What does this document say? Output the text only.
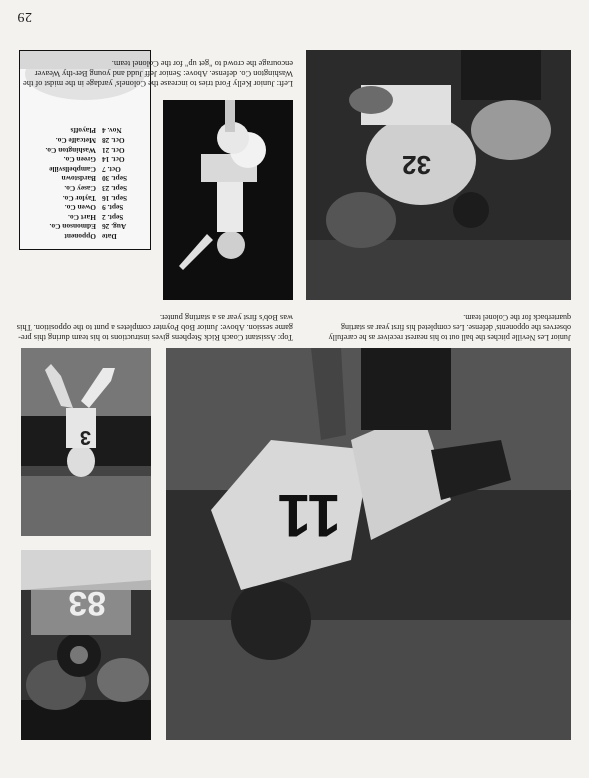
29
83
3

Top: Assistant Coach Rick Stephens gives instructions to his team during this pre-game session. Above: Junior Bob Poynter completes a punt to the opposition. This was Bob's first year as a starting punter.

11
Date
Opponent
Aug. 26
Edmonson Co.
Sept. 2
Hart Co.
Sept. 9
Owen Co.
Sept. 16
Taylor Co.
Sept. 23
Casey Co.
Sept. 30
Bardstown
Oct. 7
Campbellsville
Oct. 14
Green Co.
Oct. 21
Washington Co.
Oct. 28
Metcalfe Co.
Nov. 4
Playoffs
32

Left: Junior Kelly Ford tries to increase the Colonels' yardage in the midst of the Washington Co. defense. Above: Senior Jeff Judd and young Ber-thy Weaver encourage the crowd to "get up" for the Colonel team.

Junior Les Neville pitches the ball out to his nearest receiver as he carefully observes the opponents' defense. Les completed his first year as starting quarterback for the Colonel team.
